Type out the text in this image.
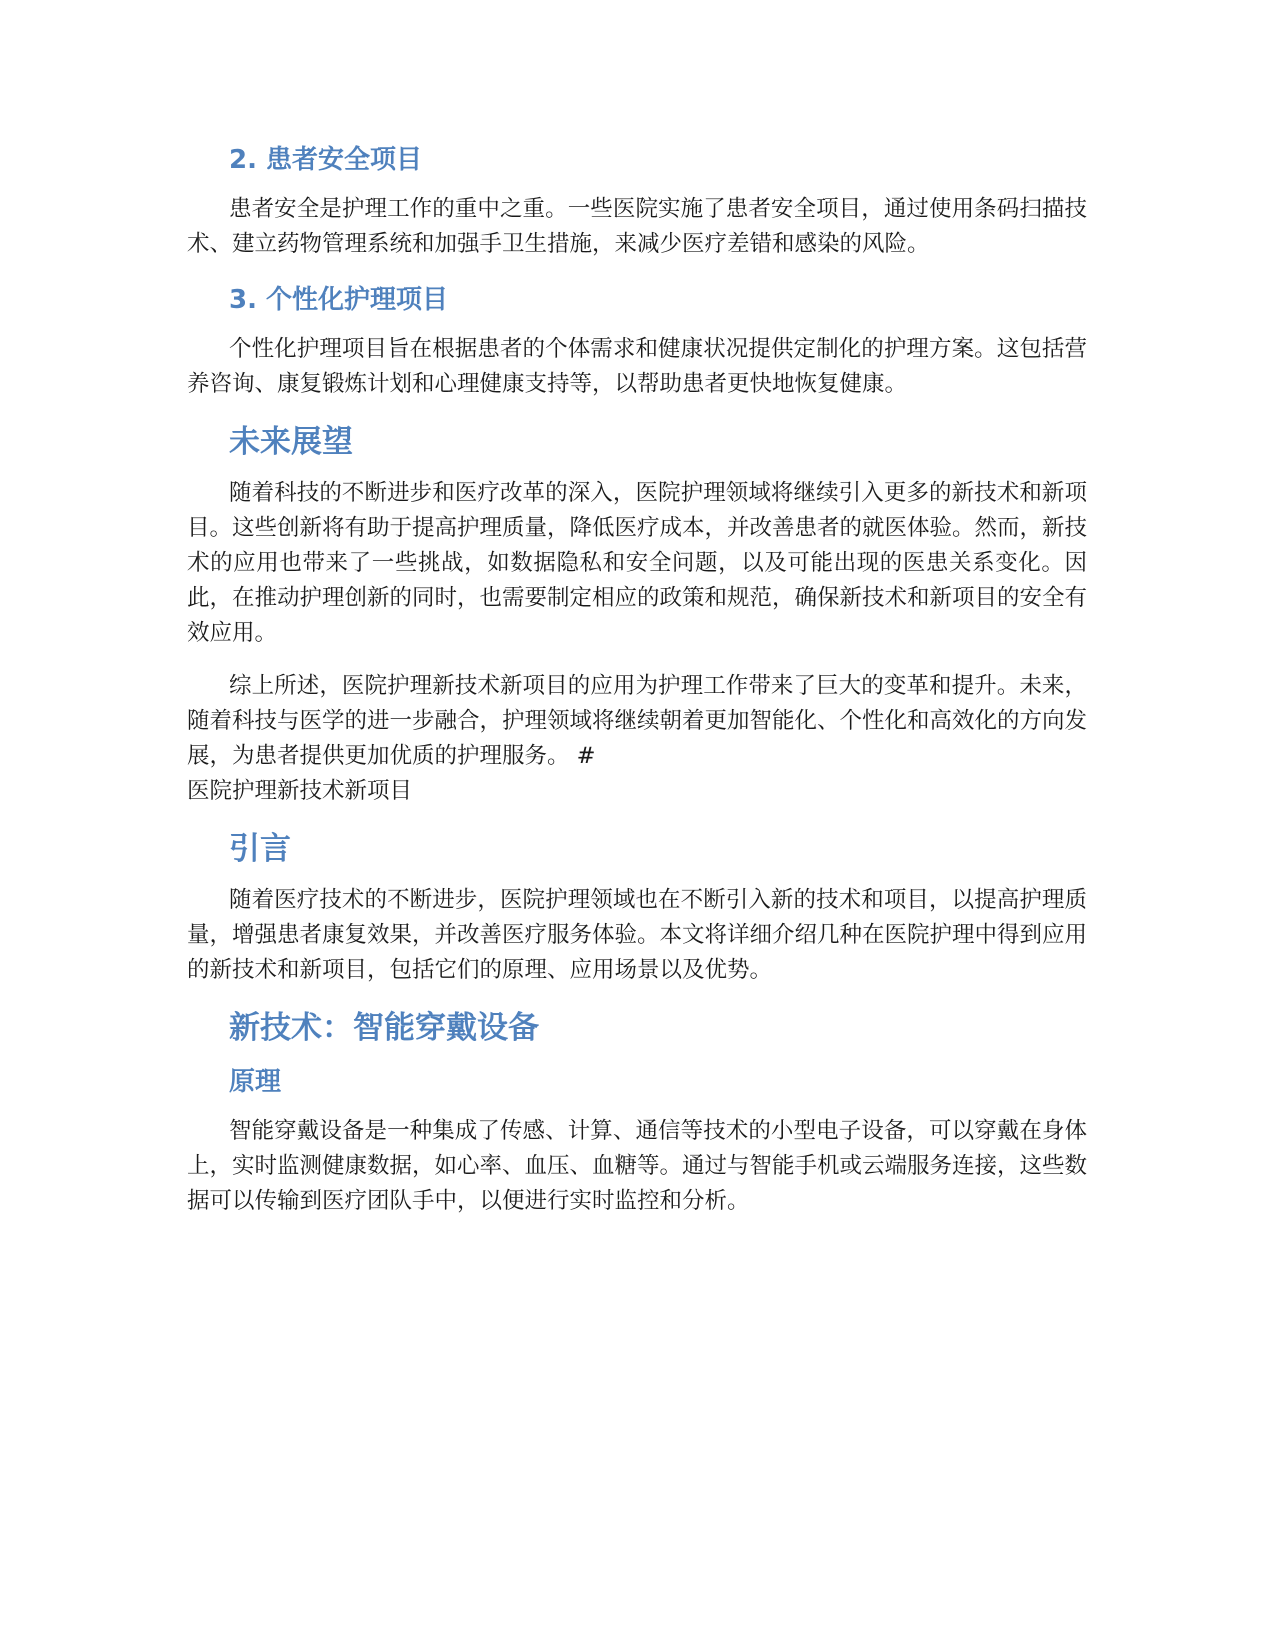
2. 患者安全项目
患者安全是护理工作的重中之重。一些医院实施了患者安全项目，通过使用条码扫描技术、建立药物管理系统和加强手卫生措施，来减少医疗差错和感染的风险。
3. 个性化护理项目
个性化护理项目旨在根据患者的个体需求和健康状况提供定制化的护理方案。这包括营养咨询、康复锻炼计划和心理健康支持等，以帮助患者更快地恢复健康。
未来展望
随着科技的不断进步和医疗改革的深入，医院护理领域将继续引入更多的新技术和新项目。这些创新将有助于提高护理质量，降低医疗成本，并改善患者的就医体验。然而，新技术的应用也带来了一些挑战，如数据隐私和安全问题，以及可能出现的医患关系变化。因此，在推动护理创新的同时，也需要制定相应的政策和规范，确保新技术和新项目的安全有效应用。
综上所述，医院护理新技术新项目的应用为护理工作带来了巨大的变革和提升。未来，随着科技与医学的进一步融合，护理领域将继续朝着更加智能化、个性化和高效化的方向发展，为患者提供更加优质的护理服务。 #
医院护理新技术新项目
引言
随着医疗技术的不断进步，医院护理领域也在不断引入新的技术和项目，以提高护理质量，增强患者康复效果，并改善医疗服务体验。本文将详细介绍几种在医院护理中得到应用的新技术和新项目，包括它们的原理、应用场景以及优势。
新技术：智能穿戴设备
原理
智能穿戴设备是一种集成了传感、计算、通信等技术的小型电子设备，可以穿戴在身体上，实时监测健康数据，如心率、血压、血糖等。通过与智能手机或云端服务连接，这些数据可以传输到医疗团队手中，以便进行实时监控和分析。
